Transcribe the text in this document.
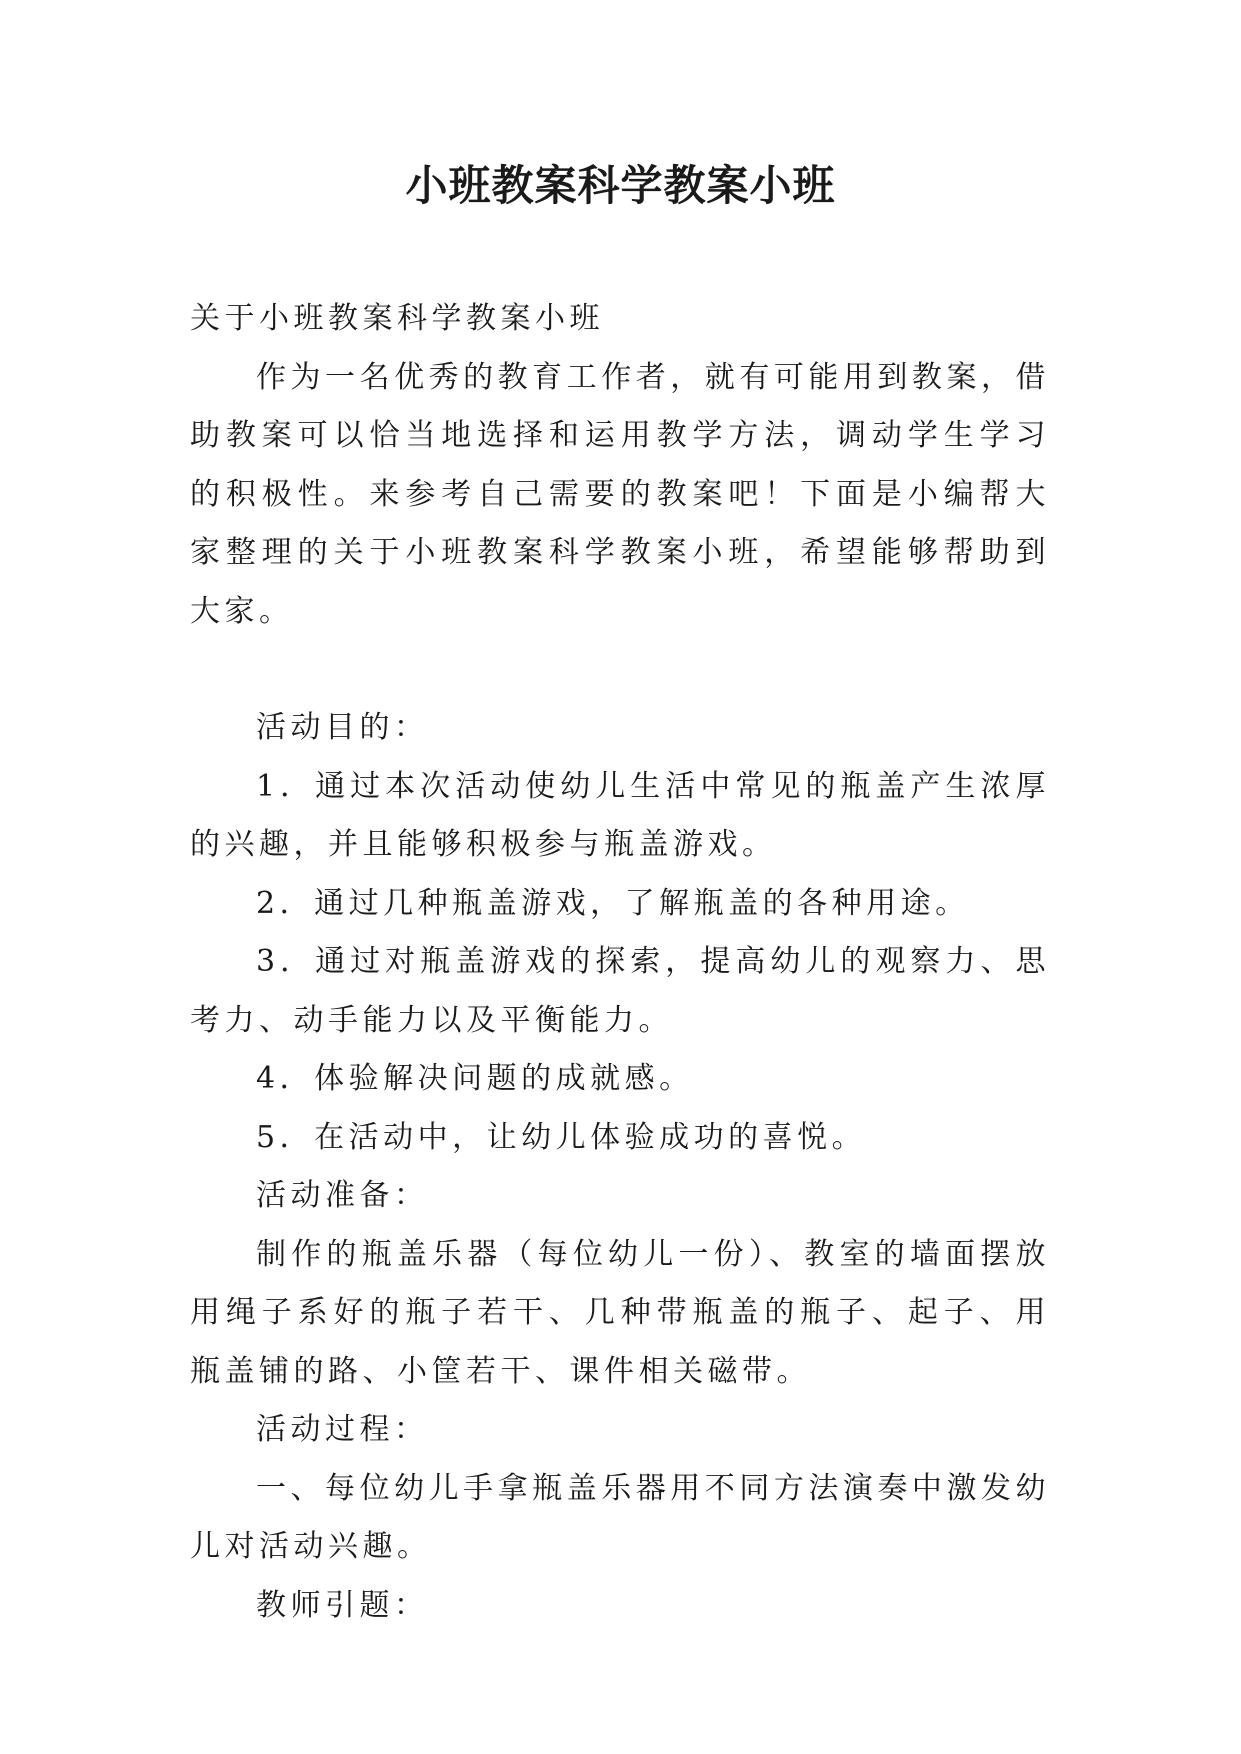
小班教案科学教案小班

关于小班教案科学教案小班

作为一名优秀的教育工作者，就有可能用到教案，借助教案可以恰当地选择和运用教学方法，调动学生学习的积极性。来参考自己需要的教案吧！下面是小编帮大家整理的关于小班教案科学教案小班，希望能够帮助到大家。

活动目的：

1．通过本次活动使幼儿生活中常见的瓶盖产生浓厚的兴趣，并且能够积极参与瓶盖游戏。

2．通过几种瓶盖游戏，了解瓶盖的各种用途。

3．通过对瓶盖游戏的探索，提高幼儿的观察力、思考力、动手能力以及平衡能力。

4．体验解决问题的成就感。

5．在活动中，让幼儿体验成功的喜悦。

活动准备：

制作的瓶盖乐器（每位幼儿一份）、教室的墙面摆放用绳子系好的瓶子若干、几种带瓶盖的瓶子、起子、用瓶盖铺的路、小筐若干、课件相关磁带。

活动过程：

一、每位幼儿手拿瓶盖乐器用不同方法演奏中激发幼儿对活动兴趣。

教师引题：
